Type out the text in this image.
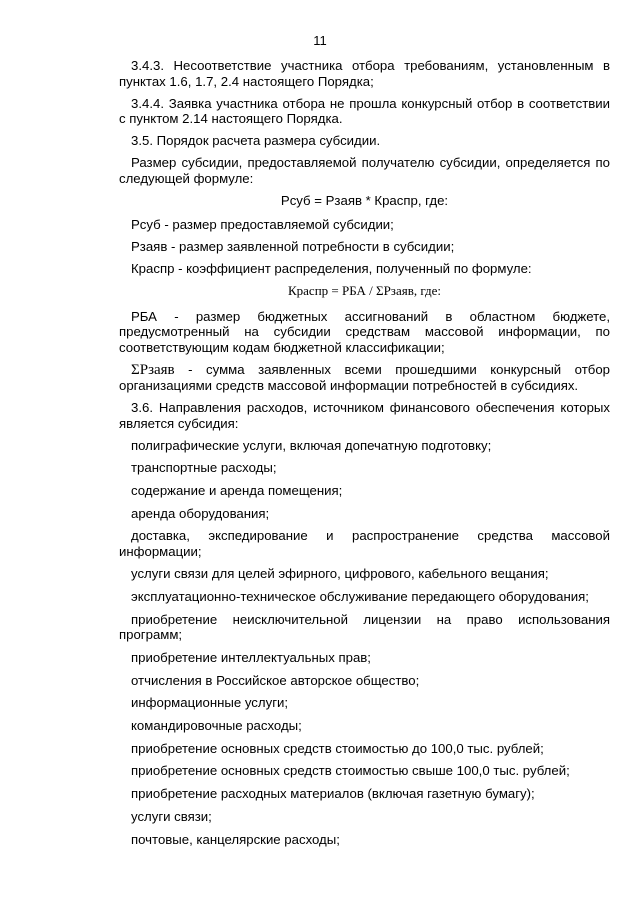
11

3.4.3. Несоответствие участника отбора требованиям, установленным в пунктах 1.6, 1.7, 2.4 настоящего Порядка;

3.4.4. Заявка участника отбора не прошла конкурсный отбор в соответствии с пунктом 2.14 настоящего Порядка.

3.5. Порядок расчета размера субсидии.

Размер субсидии, предоставляемой получателю субсидии, определяется по следующей формуле:

Рсуб = Рзаяв * Краспр, где:

Рсуб - размер предоставляемой субсидии;

Рзаяв - размер заявленной потребности в субсидии;

Краспр - коэффициент распределения, полученный по формуле:

Краспр = РБА / ΣРзаяв, где:

РБА - размер бюджетных ассигнований в областном бюджете, предусмотренный на субсидии средствам массовой информации, по соответствующим кодам бюджетной классификации;

ΣРзаяв - сумма заявленных всеми прошедшими конкурсный отбор организациями средств массовой информации потребностей в субсидиях.

3.6. Направления расходов, источником финансового обеспечения которых является субсидия:

полиграфические услуги, включая допечатную подготовку;

транспортные расходы;

содержание и аренда помещения;

аренда оборудования;

доставка, экспедирование и распространение средства массовой информации;

услуги связи для целей эфирного, цифрового, кабельного вещания;

эксплуатационно-техническое обслуживание передающего оборудования;

приобретение неисключительной лицензии на право использования программ;

приобретение интеллектуальных прав;

отчисления в Российское авторское общество;

информационные услуги;

командировочные расходы;

приобретение основных средств стоимостью до 100,0 тыс. рублей;

приобретение основных средств стоимостью свыше 100,0 тыс. рублей;

приобретение расходных материалов (включая газетную бумагу);

услуги связи;

почтовые, канцелярские расходы;
